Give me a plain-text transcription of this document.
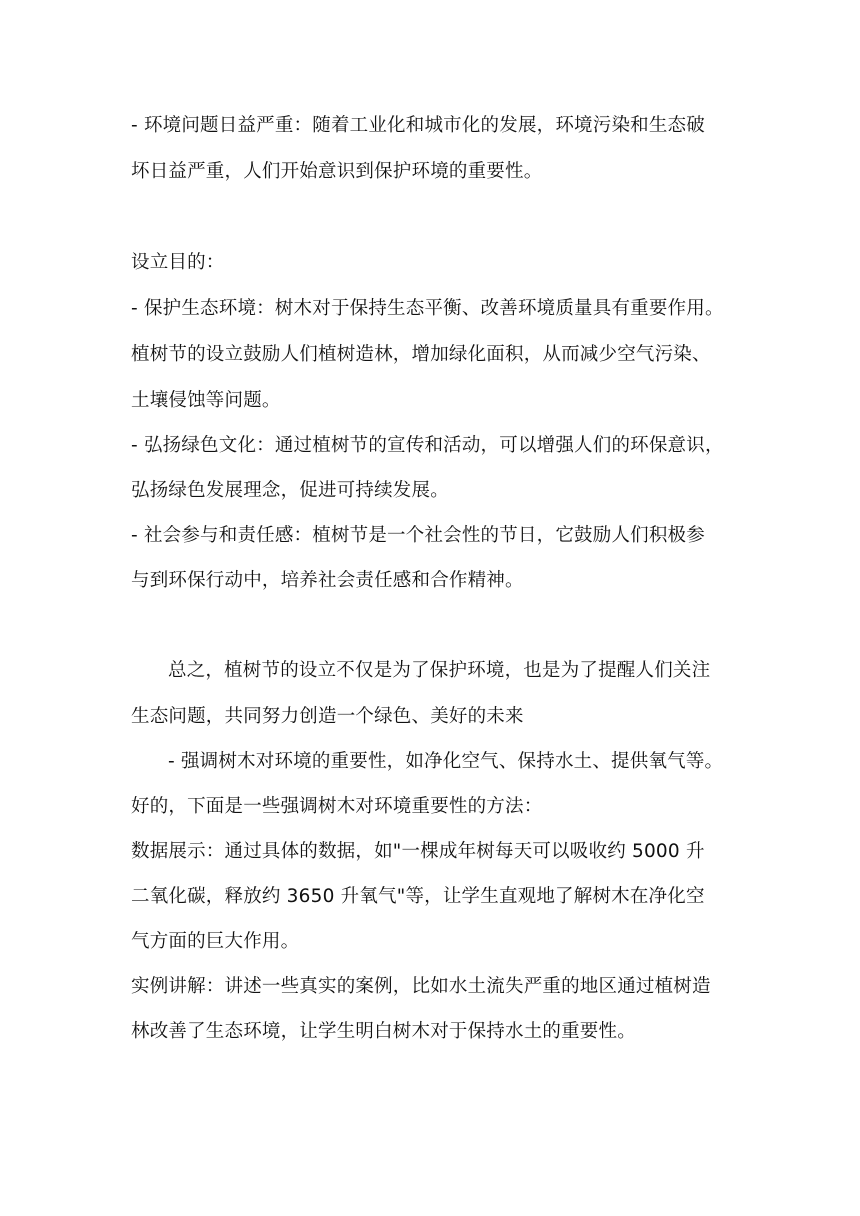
- 环境问题日益严重：随着工业化和城市化的发展，环境污染和生态破
坏日益严重，人们开始意识到保护环境的重要性。
设立目的：
- 保护生态环境：树木对于保持生态平衡、改善环境质量具有重要作用。
植树节的设立鼓励人们植树造林，增加绿化面积，从而减少空气污染、
土壤侵蚀等问题。
- 弘扬绿色文化：通过植树节的宣传和活动，可以增强人们的环保意识，
弘扬绿色发展理念，促进可持续发展。
- 社会参与和责任感：植树节是一个社会性的节日，它鼓励人们积极参
与到环保行动中，培养社会责任感和合作精神。
总之，植树节的设立不仅是为了保护环境，也是为了提醒人们关注
生态问题，共同努力创造一个绿色、美好的未来
- 强调树木对环境的重要性，如净化空气、保持水土、提供氧气等。
好的，下面是一些强调树木对环境重要性的方法：
数据展示：通过具体的数据，如"一棵成年树每天可以吸收约 5000 升
二氧化碳，释放约 3650 升氧气"等，让学生直观地了解树木在净化空
气方面的巨大作用。
实例讲解：讲述一些真实的案例，比如水土流失严重的地区通过植树造
林改善了生态环境，让学生明白树木对于保持水土的重要性。
